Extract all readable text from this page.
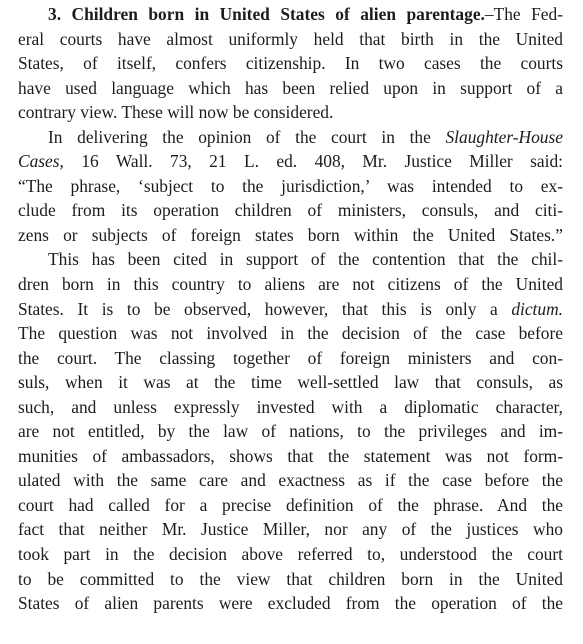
3. Children born in United States of alien parentage.–The Fed-
eral courts have almost uniformly held that birth in the United
States, of itself, confers citizenship. In two cases the courts
have used language which has been relied upon in support of a
contrary view. These will now be considered.
In delivering the opinion of the court in the Slaughter-House
Cases, 16 Wall. 73, 21 L. ed. 408, Mr. Justice Miller said:
“The phrase, ‘subject to the jurisdiction,’ was intended to ex-
clude from its operation children of ministers, consuls, and citi-
zens or subjects of foreign states born within the United States.”
This has been cited in support of the contention that the chil-
dren born in this country to aliens are not citizens of the United
States. It is to be observed, however, that this is only a dictum.
The question was not involved in the decision of the case before
the court. The classing together of foreign ministers and con-
suls, when it was at the time well-settled law that consuls, as
such, and unless expressly invested with a diplomatic character,
are not entitled, by the law of nations, to the privileges and im-
munities of ambassadors, shows that the statement was not form-
ulated with the same care and exactness as if the case before the
court had called for a precise definition of the phrase. And the
fact that neither Mr. Justice Miller, nor any of the justices who
took part in the decision above referred to, understood the court
to be committed to the view that children born in the United
States of alien parents were excluded from the operation of the
